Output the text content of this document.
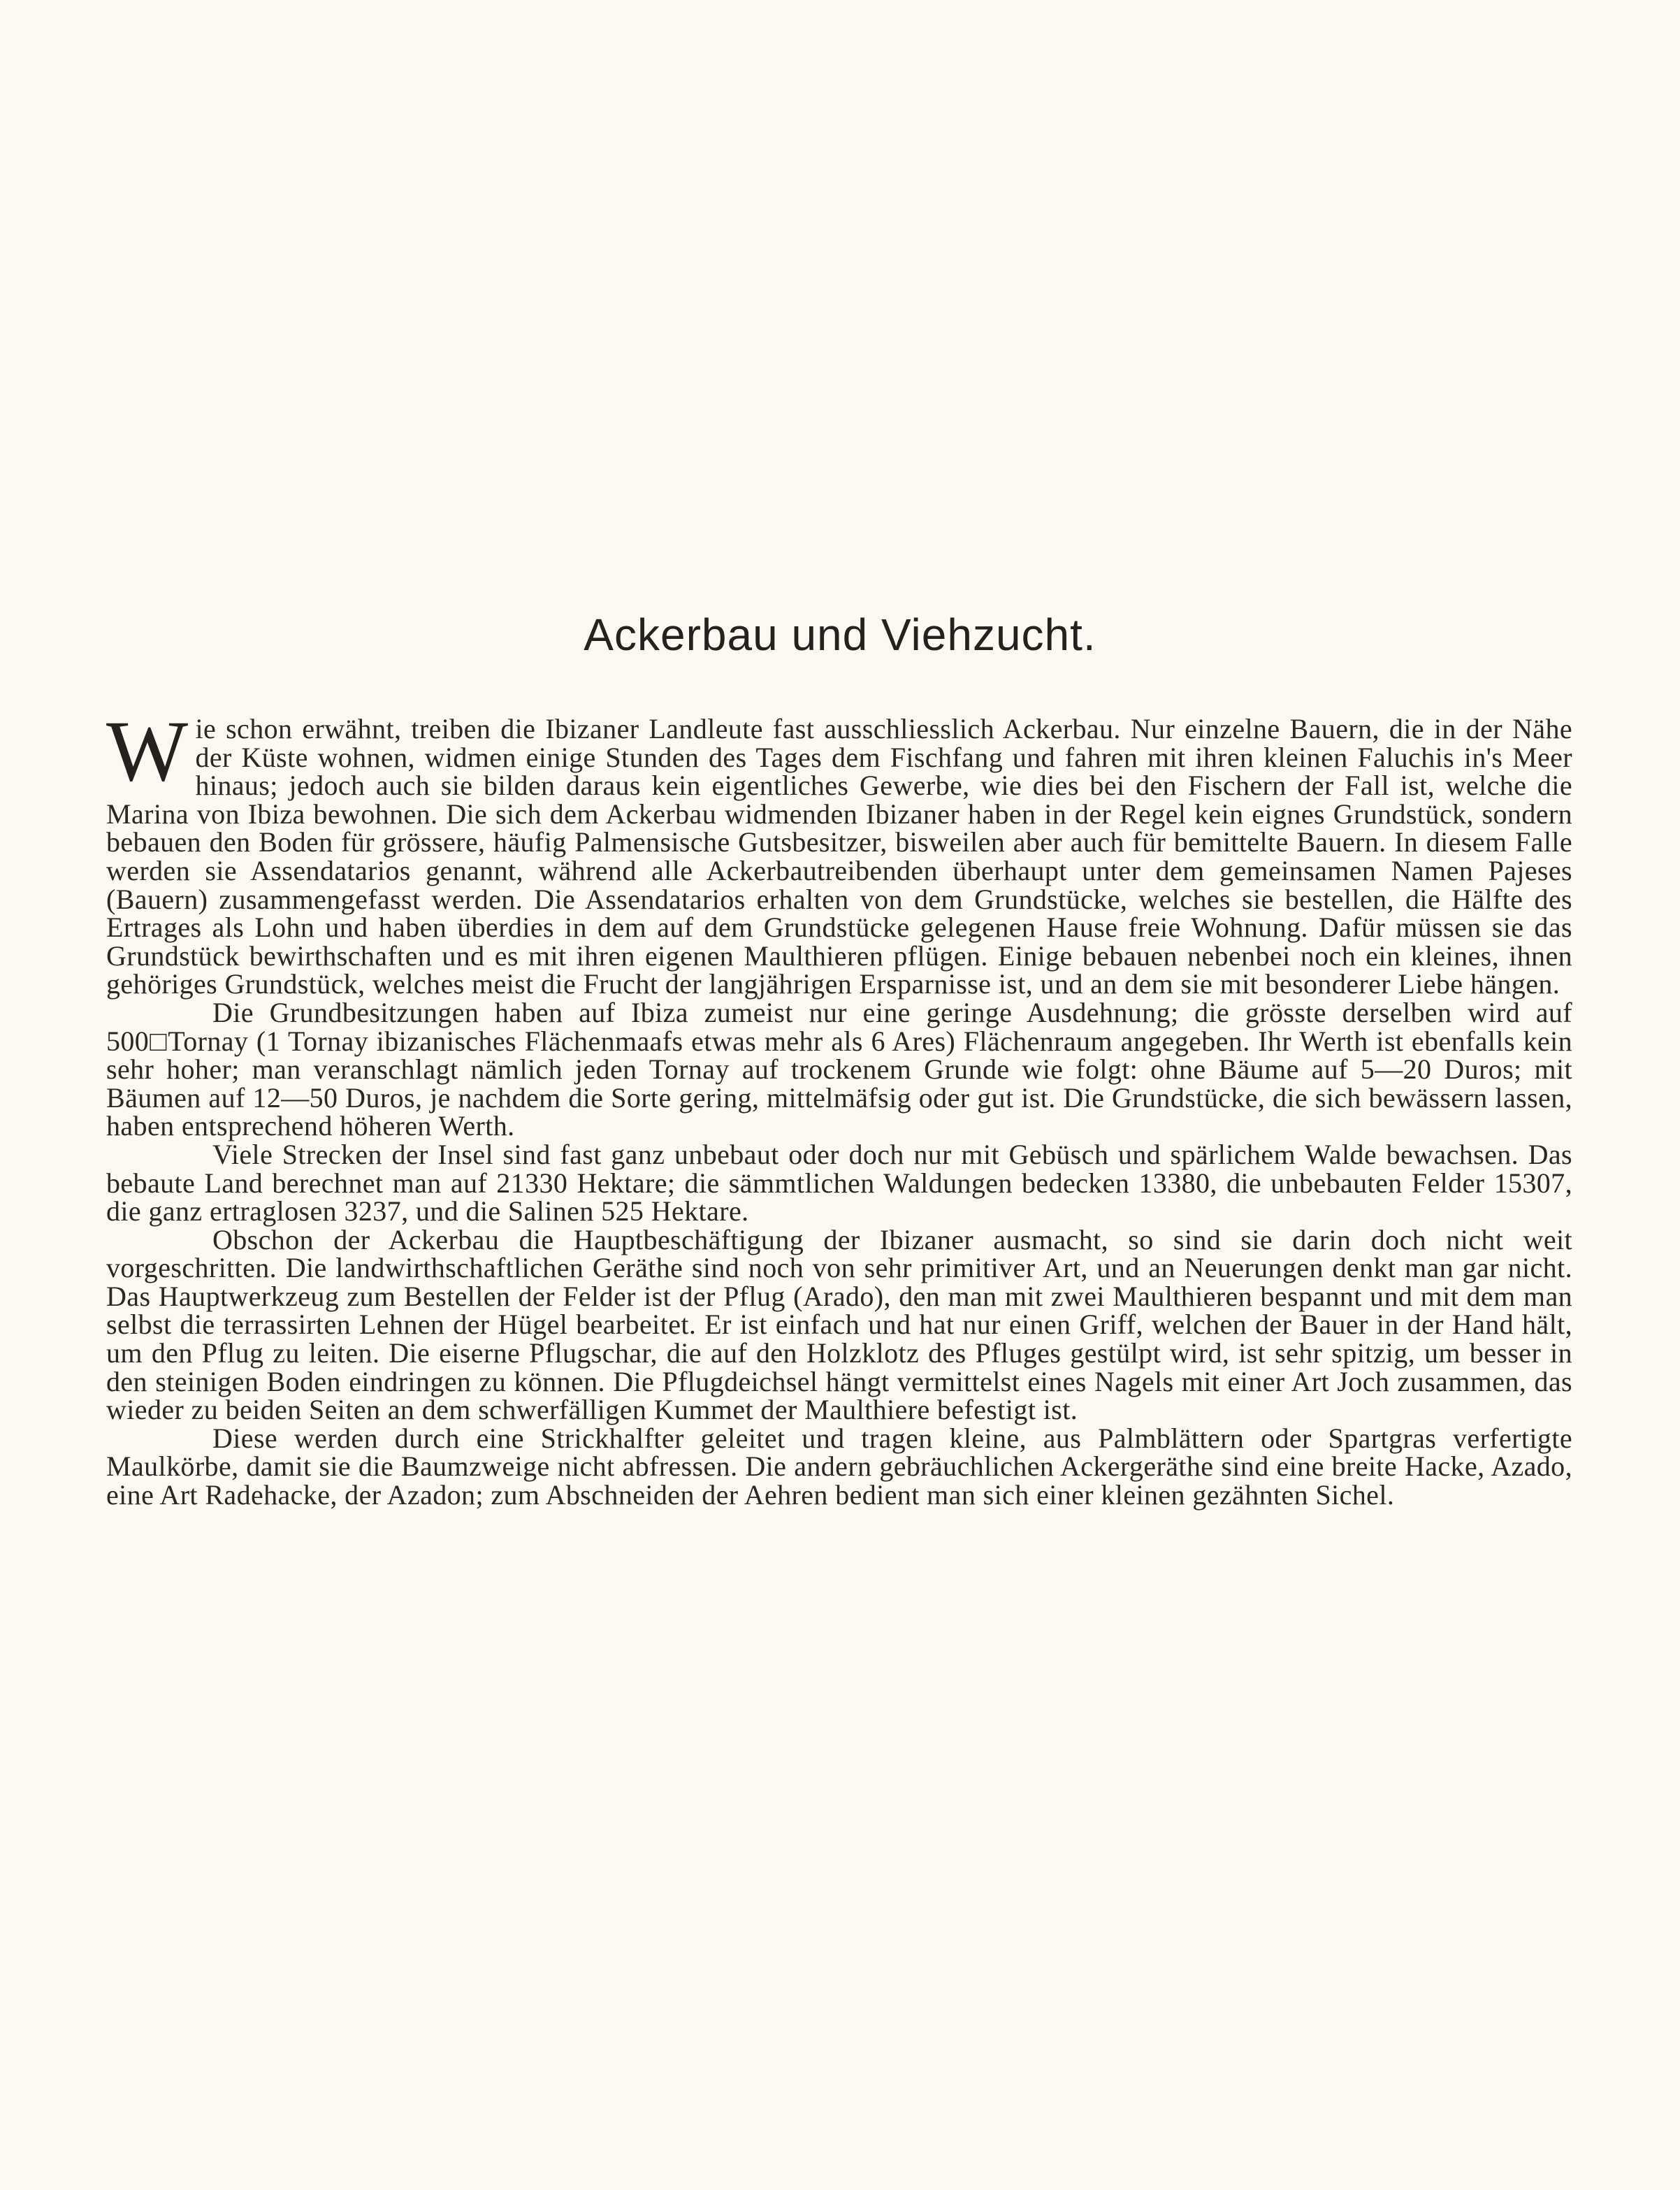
Ackerbau und Viehzucht.

Wie schon erwähnt, treiben die Ibizaner Landleute fast ausschliesslich Ackerbau. Nur einzelne Bauern, die in der Nähe der Küste wohnen, widmen einige Stunden des Tages dem Fischfang und fahren mit ihren kleinen Faluchis in's Meer hinaus; jedoch auch sie bilden daraus kein eigentliches Gewerbe, wie dies bei den Fischern der Fall ist, welche die Marina von Ibiza bewohnen. Die sich dem Ackerbau widmenden Ibizaner haben in der Regel kein eignes Grundstück, sondern bebauen den Boden für grössere, häufig Palmensische Gutsbesitzer, bisweilen aber auch für bemittelte Bauern. In diesem Falle werden sie Assendatarios genannt, während alle Ackerbautreibenden überhaupt unter dem gemeinsamen Namen Pajeses (Bauern) zusammengefasst werden. Die Assendatarios erhalten von dem Grundstücke, welches sie bestellen, die Hälfte des Ertrages als Lohn und haben überdies in dem auf dem Grundstücke gelegenen Hause freie Wohnung. Dafür müssen sie das Grundstück bewirthschaften und es mit ihren eigenen Maulthieren pflügen. Einige bebauen nebenbei noch ein kleines, ihnen gehöriges Grundstück, welches meist die Frucht der langjährigen Ersparnisse ist, und an dem sie mit besonderer Liebe hängen.

Die Grundbesitzungen haben auf Ibiza zumeist nur eine geringe Ausdehnung; die grösste derselben wird auf 500□Tornay (1 Tornay ibizanisches Flächenmaafs etwas mehr als 6 Ares) Flächenraum angegeben. Ihr Werth ist ebenfalls kein sehr hoher; man veranschlagt nämlich jeden Tornay auf trockenem Grunde wie folgt: ohne Bäume auf 5—20 Duros; mit Bäumen auf 12—50 Duros, je nachdem die Sorte gering, mittelmäfsig oder gut ist. Die Grundstücke, die sich bewässern lassen, haben entsprechend höheren Werth.

Viele Strecken der Insel sind fast ganz unbebaut oder doch nur mit Gebüsch und spärlichem Walde bewachsen. Das bebaute Land berechnet man auf 21330 Hektare; die sämmtlichen Waldungen bedecken 13380, die unbebauten Felder 15307, die ganz ertraglosen 3237, und die Salinen 525 Hektare.

Obschon der Ackerbau die Hauptbeschäftigung der Ibizaner ausmacht, so sind sie darin doch nicht weit vorgeschritten. Die landwirthschaftlichen Geräthe sind noch von sehr primitiver Art, und an Neuerungen denkt man gar nicht. Das Hauptwerkzeug zum Bestellen der Felder ist der Pflug (Arado), den man mit zwei Maulthieren bespannt und mit dem man selbst die terrassirten Lehnen der Hügel bearbeitet. Er ist einfach und hat nur einen Griff, welchen der Bauer in der Hand hält, um den Pflug zu leiten. Die eiserne Pflugschar, die auf den Holzklotz des Pfluges gestülpt wird, ist sehr spitzig, um besser in den steinigen Boden eindringen zu können. Die Pflugdeichsel hängt vermittelst eines Nagels mit einer Art Joch zusammen, das wieder zu beiden Seiten an dem schwerfälligen Kummet der Maulthiere befestigt ist.

Diese werden durch eine Strickhalfter geleitet und tragen kleine, aus Palmblättern oder Spartgras verfertigte Maulkörbe, damit sie die Baumzweige nicht abfressen. Die andern gebräuchlichen Ackergeräthe sind eine breite Hacke, Azado, eine Art Radehacke, der Azadon; zum Abschneiden der Aehren bedient man sich einer kleinen gezähnten Sichel.
